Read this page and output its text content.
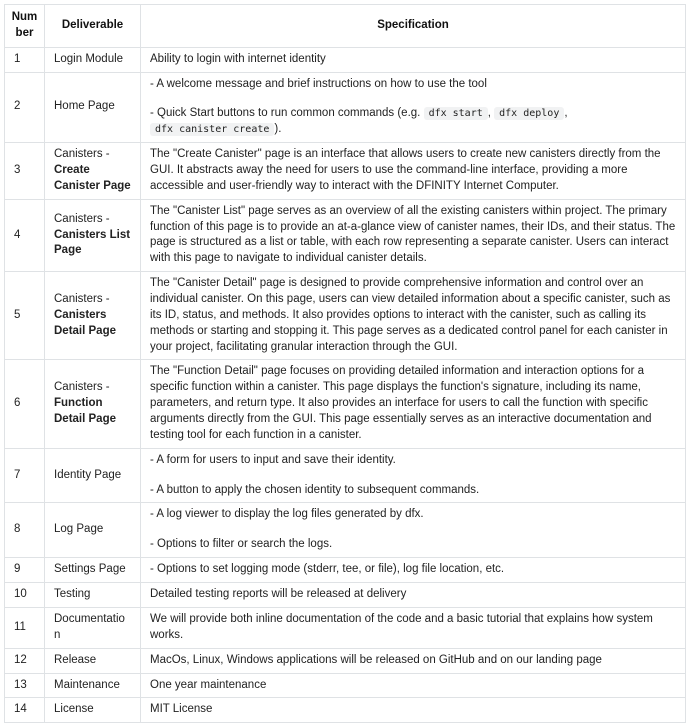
Number	Deliverable	Specification
1	Login Module	Ability to login with internet identity

2	Home Page	- A welcome message and brief instructions on how to use the tool

- Quick Start buttons to run common commands (e.g. dfx start , dfx deploy , dfx canister create ).

3	Canisters - Create Canister Page	The "Create Canister" page is an interface that allows users to create new canisters directly from the GUI. It abstracts away the need for users to use the command-line interface, providing a more accessible and user-friendly way to interact with the DFINITY Internet Computer.

4	Canisters - Canisters List Page	The "Canister List" page serves as an overview of all the existing canisters within project. The primary function of this page is to provide an at-a-glance view of canister names, their IDs, and their status. The page is structured as a list or table, with each row representing a separate canister. Users can interact with this page to navigate to individual canister details.

5	Canisters - Canisters Detail Page	The "Canister Detail" page is designed to provide comprehensive information and control over an individual canister. On this page, users can view detailed information about a specific canister, such as its ID, status, and methods. It also provides options to interact with the canister, such as calling its methods or starting and stopping it. This page serves as a dedicated control panel for each canister in your project, facilitating granular interaction through the GUI.

6	Canisters - Function Detail Page	The "Function Detail" page focuses on providing detailed information and interaction options for a specific function within a canister. This page displays the function's signature, including its name, parameters, and return type. It also provides an interface for users to call the function with specific arguments directly from the GUI. This page essentially serves as an interactive documentation and testing tool for each function in a canister.

7	Identity Page	- A form for users to input and save their identity.

- A button to apply the chosen identity to subsequent commands.

8	Log Page	- A log viewer to display the log files generated by dfx.

- Options to filter or search the logs.

9	Settings Page	- Options to set logging mode (stderr, tee, or file), log file location, etc.

10	Testing	Detailed testing reports will be released at delivery

11	Documentation	We will provide both inline documentation of the code and a basic tutorial that explains how system works.

12	Release	MacOs, Linux, Windows applications will be released on GitHub and on our landing page

13	Maintenance	One year maintenance

14	License	MIT License
